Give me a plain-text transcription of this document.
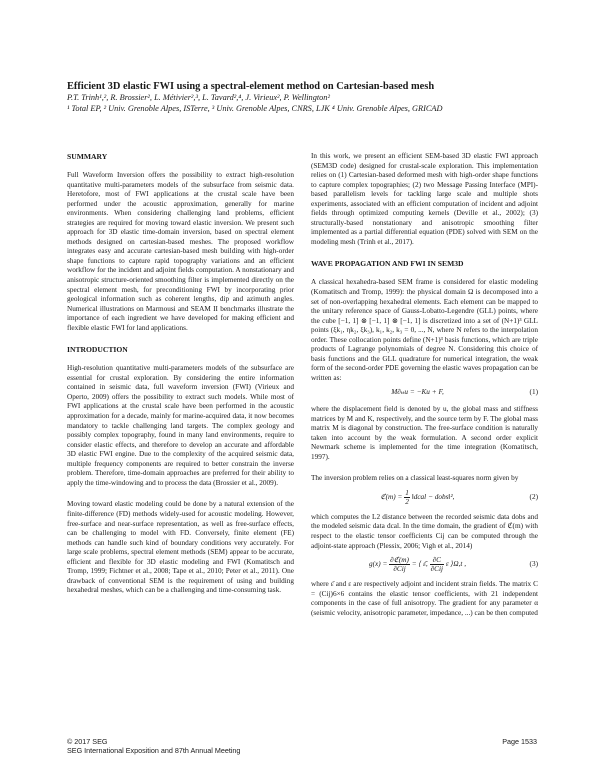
Efficient 3D elastic FWI using a spectral-element method on Cartesian-based mesh

P.T. Trinh¹,², R. Brossier², L. Métivier²,³, L. Tavard²,⁴, J. Virieux², P. Wellington²

¹ Total EP, ² Univ. Grenoble Alpes, ISTerre, ³ Univ. Grenoble Alpes, CNRS, LJK ⁴ Univ. Grenoble Alpes, GRICAD

SUMMARY

Full Waveform Inversion offers the possibility to extract high-resolution quantitative multi-parameters models of the subsurface from seismic data. Heretofore, most of FWI applications at the crustal scale have been performed under the acoustic approximation, generally for marine environments. When considering challenging land problems, efficient strategies are required for moving toward elastic inversion. We present such approach for 3D elastic time-domain inversion, based on spectral element methods designed on cartesian-based meshes. The proposed workflow integrates easy and accurate cartesian-based mesh building with high-order shape functions to capture rapid topography variations and an efficient workflow for the incident and adjoint fields computation. A nonstationary and anisotropic structure-oriented smoothing filter is implemented directly on the spectral element mesh, for preconditioning FWI by incorporating prior geological information such as coherent lengths, dip and azimuth angles. Numerical illustrations on Marmousi and SEAM II benchmarks illustrate the importance of each ingredient we have developed for making efficient and flexible elastic FWI for land applications.

INTRODUCTION

High-resolution quantitative multi-parameters models of the subsurface are essential for crustal exploration. By considering the entire information contained in seismic data, full waveform inversion (FWI) (Virieux and Operto, 2009) offers the possibility to extract such models. While most of FWI applications at the crustal scale have been performed in the acoustic approximation for a decade, mainly for marine-acquired data, it now becomes mandatory to tackle challenging land targets. The complex geology and possibly complex topography, found in many land environments, require to consider elastic effects, and therefore to develop an accurate and affordable 3D elastic FWI engine. Due to the complexity of the acquired seismic data, multiple frequency components are required to better constrain the inverse problem. Therefore, time-domain approaches are preferred for their ability to apply the time-windowing and to process the data (Brossier et al., 2009).

Moving toward elastic modeling could be done by a natural extension of the finite-difference (FD) methods widely-used for acoustic modeling. However, free-surface and near-surface representation, as well as free-surface effects, can be challenging to model with FD. Conversely, finite element (FE) methods can handle such kind of boundary conditions very accurately. For large scale problems, spectral element methods (SEM) appear to be accurate, efficient and flexible for 3D elastic modeling and FWI (Komatitsch and Tromp, 1999; Fichtner et al., 2008; Tape et al., 2010; Peter et al., 2011). One drawback of conventional SEM is the requirement of using and building hexahedral meshes, which can be a challenging and time-consuming task.

In this work, we present an efficient SEM-based 3D elastic FWI approach (SEM3D code) designed for crustal-scale exploration. This implementation relies on (1) Cartesian-based deformed mesh with high-order shape functions to capture complex topographies; (2) two Message Passing Interface (MPI)-based parallelism levels for tackling large scale and multiple shots experiments, associated with an efficient computation of incident and adjoint fields through optimized computing kernels (Deville et al., 2002); (3) structurally-based nonstationary and anisotropic smoothing filter implemented as a partial differential equation (PDE) solved with SEM on the modeling mesh (Trinh et al., 2017).

WAVE PROPAGATION AND FWI IN SEM3D

A classical hexahedra-based SEM frame is considered for elastic modeling (Komatitsch and Tromp, 1999): the physical domain Ω is decomposed into a set of non-overlapping hexahedral elements. Each element can be mapped to the unitary reference space of Gauss-Lobatto-Legendre (GLL) points, where the cube [−1, 1] ⊗ [−1, 1] ⊗ [−1, 1] is discretized into a set of (N+1)³ GLL points (ξk₁, ηk₂, ξk₃), k₁, k₂, k₃ = 0, ..., N, where N refers to the interpolation order. These collocation points define (N+1)³ basis functions, which are triple products of Lagrange polynomials of degree N. Considering this choice of basis functions and the GLL quadrature for numerical integration, the weak form of the second-order PDE governing the elastic waves propagation can be written as:

M∂ₜₜu = −Ku + F,	(1)

where the displacement field is denoted by u, the global mass and stiffness matrices by M and K, respectively, and the source term by F. The global mass matrix M is diagonal by construction. The free-surface condition is naturally taken into account by the weak formulation. A second order explicit Newmark scheme is implemented for the time integration (Komatitsch, 1997).

The inversion problem relies on a classical least-squares norm given by

ℭ(m) = $\frac{1}{2}$ ‖dcal − dobs‖²,	(2)

which computes the L2 distance between the recorded seismic data dobs and the modeled seismic data dcal. In the time domain, the gradient of ℭ(m) with respect to the elastic tensor coefficients Cij can be computed through the adjoint-state approach (Plessix, 2006; Vigh et al., 2014)

$g(x) = \frac{\text{∂ℭ(m)}}{\text{∂Cij}}$ = ⟨ ε̄, $\frac{\partial C}{\text{∂Cij}}$ ε ⟩Ω,t ,	(3)

where ε̄ and ε are respectively adjoint and incident strain fields. The matrix C = (Cij)6×6 contains the elastic tensor coefficients, with 21 independent components in the case of full anisotropy. The gradient for any parameter α (seismic velocity, anisotropic parameter, impedance, ...) can be then computed

© 2017 SEG
SEG International Exposition and 87th Annual Meeting
Page 1533
